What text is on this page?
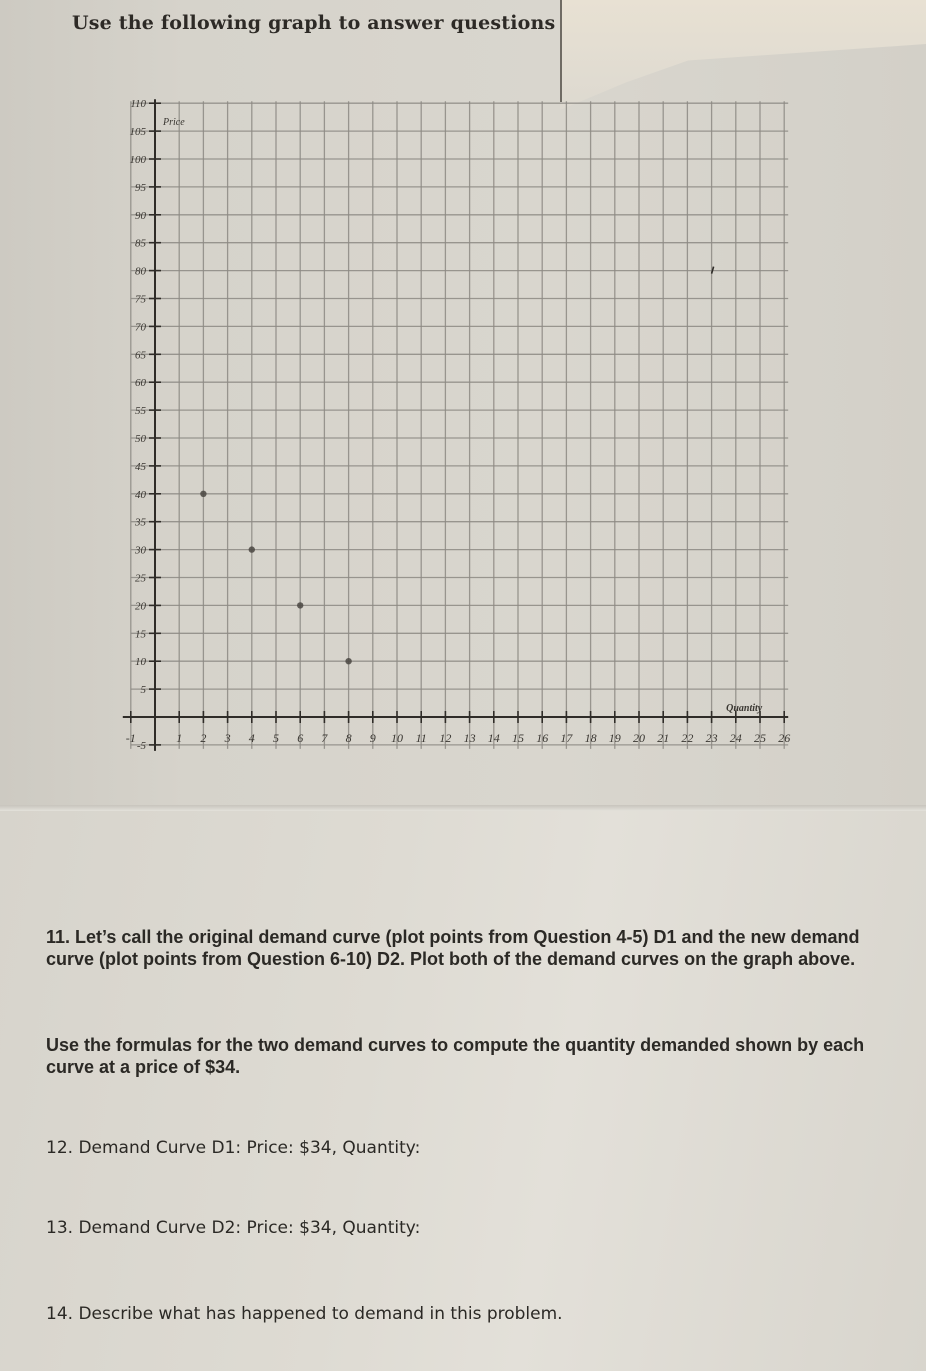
Use the following graph to answer questions
-5
5
10
15
20
25
30
35
40
45
50
55
60
65
70
75
80
85
90
95
100
105
110
-1	1 2 3 4 5 6 7 8 9 10 11 12 13 14 15 16 17 18 19 20 21 22 23 24 25 26
Price
Quantity
11. Let’s call the original demand curve (plot points from Question 4-5) D1 and the new demand curve (plot points from Question 6-10) D2. Plot both of the demand curves on the graph above.
Use the formulas for the two demand curves to compute the quantity demanded shown by each curve at a price of $34.
12. Demand Curve D1: Price: $34, Quantity:
13. Demand Curve D2: Price: $34, Quantity:
14. Describe what has happened to demand in this problem.
